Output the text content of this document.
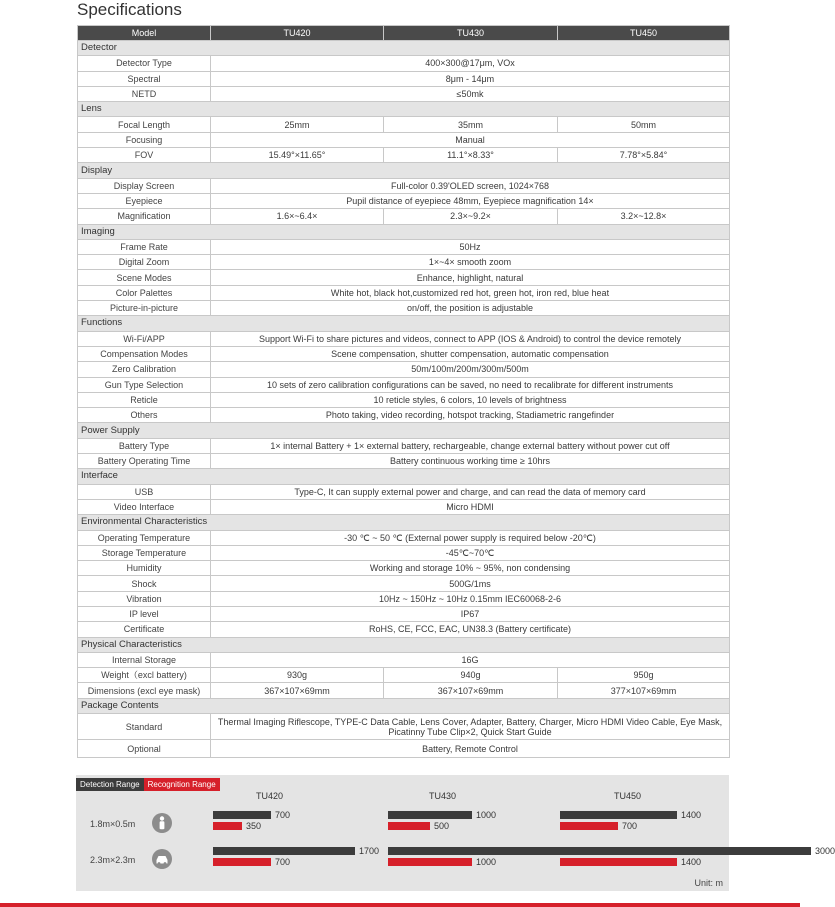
Specifications
Model	TU420	TU430	TU450
Detector			
Detector Type	400×300@17μm, VOx		
Spectral	8μm - 14μm		
NETD	≤50mk		
Lens			
Focal Length	25mm	35mm	50mm
Focusing	Manual		
FOV	15.49°×11.65°	11.1°×8.33°	7.78°×5.84°
Display			
Display Screen	Full-color 0.39'OLED screen, 1024×768		
Eyepiece	Pupil distance of eyepiece 48mm, Eyepiece magnification 14×		
Magnification	1.6×~6.4×	2.3×~9.2×	3.2×~12.8×
Imaging			
Frame Rate	50Hz		
Digital Zoom	1×~4× smooth zoom		
Scene Modes	Enhance, highlight, natural		
Color Palettes	White hot, black hot,customized red hot, green hot, iron red, blue heat		
Picture-in-picture	on/off, the position is adjustable		
Functions			
Wi-Fi/APP	Support Wi-Fi to share pictures and videos, connect to APP (IOS & Android) to control the device remotely		
Compensation Modes	Scene compensation, shutter compensation, automatic compensation		
Zero Calibration	50m/100m/200m/300m/500m		
Gun Type Selection	10 sets of zero calibration configurations can be saved, no need to recalibrate for different instruments		
Reticle	10 reticle styles, 6 colors, 10 levels of brightness		
Others	Photo taking, video recording, hotspot tracking, Stadiametric rangefinder		
Power Supply			
Battery Type	1× internal Battery + 1× external battery, rechargeable, change external battery without power cut off		
Battery Operating Time	Battery continuous working time ≥ 10hrs		
Interface			
USB	Type-C, It can supply external power and charge, and can read the data of memory card		
Video Interface	Micro HDMI		
Environmental Characteristics			
Operating Temperature	-30 ℃ ~ 50 ℃ (External power supply is required below -20℃)		
Storage Temperature	-45℃~70℃		
Humidity	Working and storage 10% ~ 95%, non condensing		
Shock	500G/1ms		
Vibration	10Hz ~ 150Hz ~ 10Hz 0.15mm IEC60068-2-6		
IP level	IP67		
Certificate	RoHS, CE, FCC, EAC, UN38.3 (Battery certificate)		
Physical Characteristics			
Internal Storage	16G		
Weight（excl battery)	930g	940g	950g
Dimensions (excl eye mask)	367×107×69mm	367×107×69mm	377×107×69mm
Package Contents			
Standard	Thermal Imaging Riflescope, TYPE-C Data Cable, Lens Cover, Adapter, Battery, Charger, Micro HDMI Video Cable, Eye Mask, Picatinny Tube Clip×2, Quick Start Guide		
Optional	Battery, Remote Control		
Detection Range	Recognition Range
TU420	TU430	TU450
Unit: m
1.8m×0.5m
700	1000	1400
350	500	700
2.3m×2.3m
1700	3000
700	1000	1400
